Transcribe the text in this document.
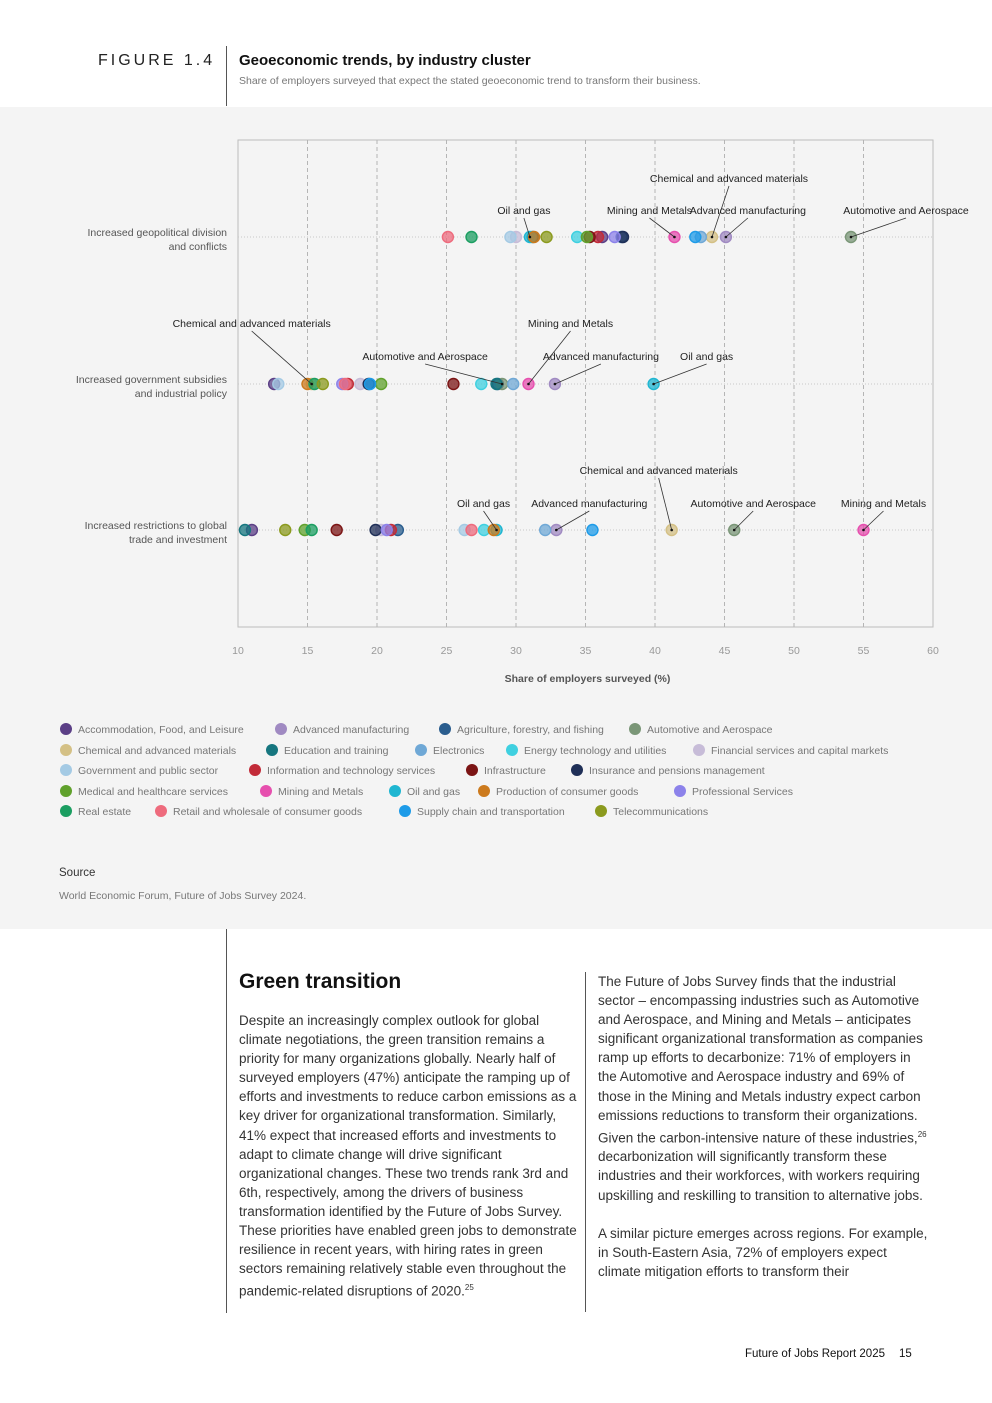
FIGURE 1.4 Geoeconomic trends, by industry cluster
Share of employers surveyed that expect the stated geoeconomic trend to transform their business.
10	15	20	25	30	35	40	45	50	55	60
Share of employers surveyed (%)
Increased geopolitical division
and conflicts
Increased government subsidies
and industrial policy
Increased restrictions to global
trade and investment
Oil and gas	Mining and Metals
Chemical and advanced materials
Advanced manufacturing	Automotive and Aerospace
Chemical and advanced materials	Mining and Metals
Automotive and Aerospace	Advanced manufacturing Oil and gas
Chemical and advanced materials
Oil and gas Advanced manufacturing	Automotive and Aerospace Mining and Metals
Accommodation, Food, and Leisure	Advanced manufacturing	Agriculture, forestry, and fishing	Automotive and Aerospace
Chemical and advanced materials	Education and training	Electronics	Energy technology and utilities	Financial services and capital markets
Government and public sector	Information and technology services	Infrastructure	Insurance and pensions management
Medical and healthcare services	Mining and Metals	Oil and gas	Production of consumer goods	Professional Services
Real estate	Retail and wholesale of consumer goods	Supply chain and transportation	Telecommunications
Source
World Economic Forum, Future of Jobs Survey 2024.
Green transition

Despite an increasingly complex outlook for global climate negotiations, the green transition remains a priority for many organizations globally. Nearly half of surveyed employers (47%) anticipate the ramping up of efforts and investments to reduce carbon emissions as a key driver for organizational transformation. Similarly, 41% expect that increased efforts and investments to adapt to climate change will drive significant organizational changes. These two trends rank 3rd and 6th, respectively, among the drivers of business transformation identified by the Future of Jobs Survey. These priorities have enabled green jobs to demonstrate resilience in recent years, with hiring rates in green sectors remaining relatively stable even throughout the pandemic-related disruptions of 2020.25

The Future of Jobs Survey finds that the industrial sector – encompassing industries such as Automotive and Aerospace, and Mining and Metals – anticipates significant organizational transformation as companies ramp up efforts to decarbonize: 71% of employers in the Automotive and Aerospace industry and 69% of those in the Mining and Metals industry expect carbon emissions reductions to transform their organizations. Given the carbon-intensive nature of these industries,$^{26}$ decarbonization will significantly transform these industries and their workforces, with workers requiring upskilling and reskilling to transition to alternative jobs.

A similar picture emerges across regions. For example, in South-Eastern Asia, 72% of employers expect climate mitigation efforts to transform their

Future of Jobs Report 2025 15
